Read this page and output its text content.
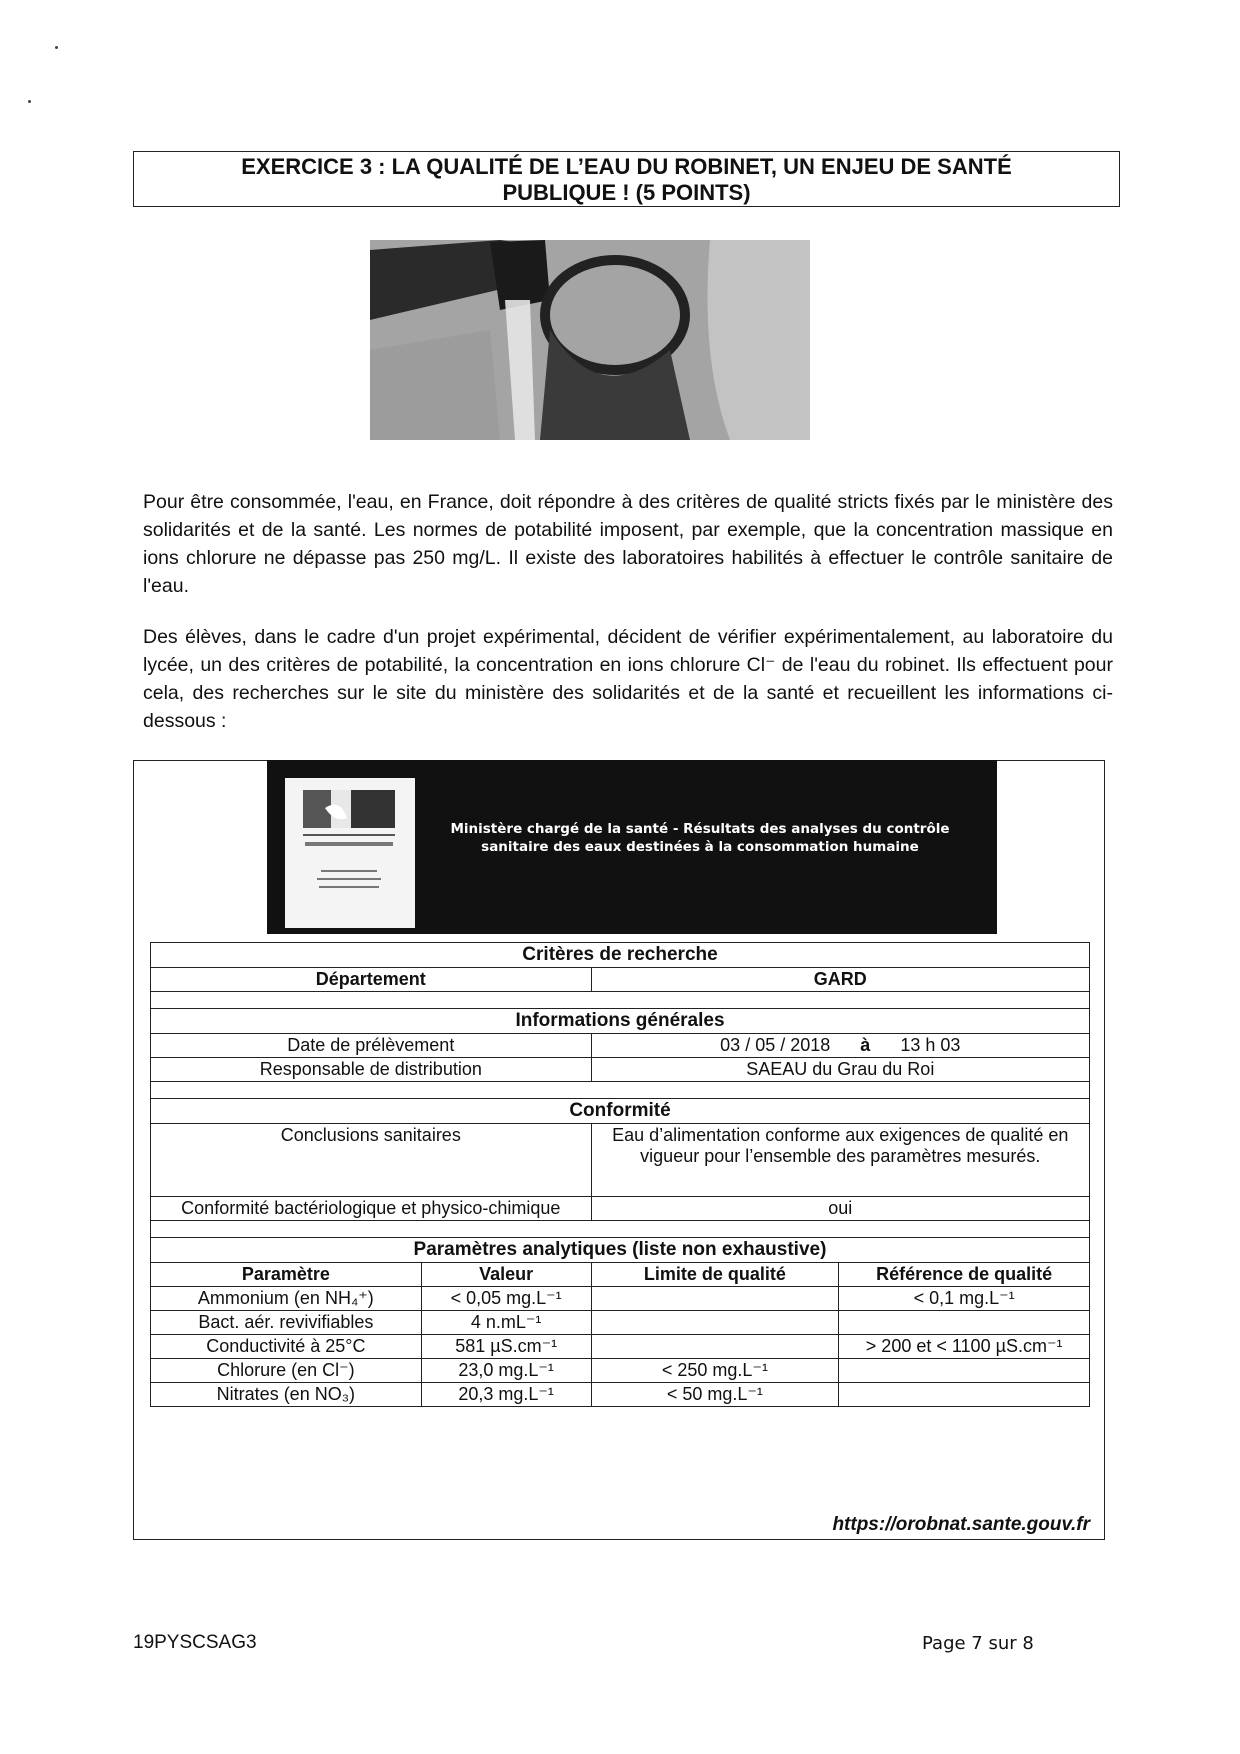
EXERCICE 3 : LA QUALITÉ DE L’EAU DU ROBINET, UN ENJEU DE SANTÉ
PUBLIQUE ! (5 POINTS)

Pour être consommée, l'eau, en France, doit répondre à des critères de qualité stricts fixés par le ministère des solidarités et de la santé. Les normes de potabilité imposent, par exemple, que la concentration massique en ions chlorure ne dépasse pas 250 mg/L. Il existe des laboratoires habilités à effectuer le contrôle sanitaire de l'eau.

Des élèves, dans le cadre d'un projet expérimental, décident de vérifier expérimentalement, au laboratoire du lycée, un des critères de potabilité, la concentration en ions chlorure Cl⁻ de l'eau du robinet. Ils effectuent pour cela, des recherches sur le site du ministère des solidarités et de la santé et recueillent les informations ci-dessous :

Ministère chargé de la santé - Résultats des analyses du contrôle
sanitaire des eaux destinées à la consommation humaine
Critères de recherche			
Département		GARD	

Informations générales			
Date de prélèvement		03 / 05 / 2018 à 13 h 03	
Responsable de distribution		SAEAU du Grau du Roi	

Conformité			
Conclusions sanitaires		Eau d’alimentation conforme aux exigences de qualité en vigueur pour l’ensemble des paramètres mesurés.	
Conformité bactériologique et physico-chimique		oui	

Paramètres analytiques (liste non exhaustive)			
Paramètre	Valeur	Limite de qualité	Référence de qualité
Ammonium (en NH₄⁺)	< 0,05 mg.L⁻¹		< 0,1 mg.L⁻¹
Bact. aér. revivifiables	4 n.mL⁻¹		
Conductivité à 25°C	581 µS.cm⁻¹		> 200 et < 1100 µS.cm⁻¹
Chlorure (en Cl⁻)	23,0 mg.L⁻¹	< 250 mg.L⁻¹	
Nitrates (en NO₃)	20,3 mg.L⁻¹	< 50 mg.L⁻¹	
https://orobnat.sante.gouv.fr
19PYSCSAG3	Page 7 sur 8
